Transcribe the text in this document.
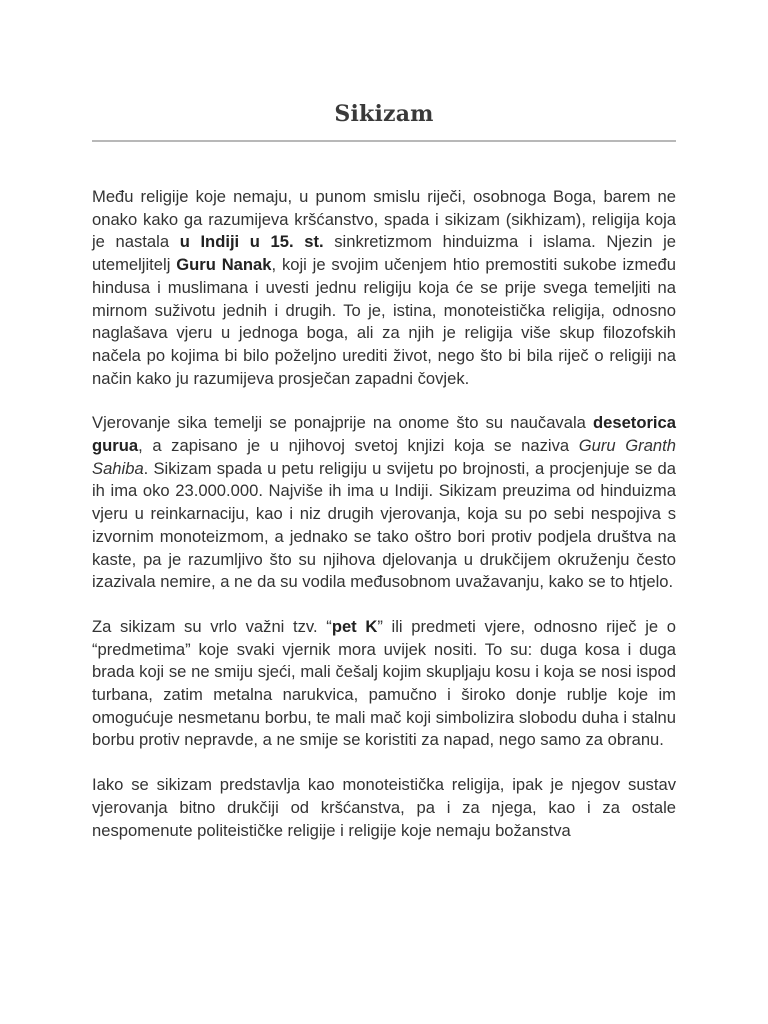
Sikizam

Među religije koje nemaju, u punom smislu riječi, osobnoga Boga, barem ne onako kako ga razumijeva kršćanstvo, spada i sikizam (sikhizam), religija koja je nastala u Indiji u 15. st. sinkretizmom hinduizma i islama. Njezin je utemeljitelj Guru Nanak, koji je svojim učenjem htio premostiti sukobe između hindusa i muslimana i uvesti jednu religiju koja će se prije svega temeljiti na mirnom suživotu jednih i drugih. To je, istina, monoteistička religija, odnosno naglašava vjeru u jednoga boga, ali za njih je religija više skup filozofskih načela po kojima bi bilo poželjno urediti život, nego što bi bila riječ o religiji na način kako ju razumijeva prosječan zapadni čovjek.

Vjerovanje sika temelji se ponajprije na onome što su naučavala desetorica gurua, a zapisano je u njihovoj svetoj knjizi koja se naziva Guru Granth Sahiba. Sikizam spada u petu religiju u svijetu po brojnosti, a procjenjuje se da ih ima oko 23.000.000. Najviše ih ima u Indiji. Sikizam preuzima od hinduizma vjeru u reinkarnaciju, kao i niz drugih vjerovanja, koja su po sebi nespojiva s izvornim monoteizmom, a jednako se tako oštro bori protiv podjela društva na kaste, pa je razumljivo što su njihova djelovanja u drukčijem okruženju često izazivala nemire, a ne da su vodila međusobnom uvažavanju, kako se to htjelo.

Za sikizam su vrlo važni tzv. “pet K” ili predmeti vjere, odnosno riječ je o “predmetima” koje svaki vjernik mora uvijek nositi. To su: duga kosa i duga brada koji se ne smiju sjeći, mali češalj kojim skupljaju kosu i koja se nosi ispod turbana, zatim metalna narukvica, pamučno i široko donje rublje koje im omogućuje nesmetanu borbu, te mali mač koji simbolizira slobodu duha i stalnu borbu protiv nepravde, a ne smije se koristiti za napad, nego samo za obranu.

Iako se sikizam predstavlja kao monoteistička religija, ipak je njegov sustav vjerovanja bitno drukčiji od kršćanstva, pa i za njega, kao i za ostale nespomenute politeističke religije i religije koje nemaju božanstva
